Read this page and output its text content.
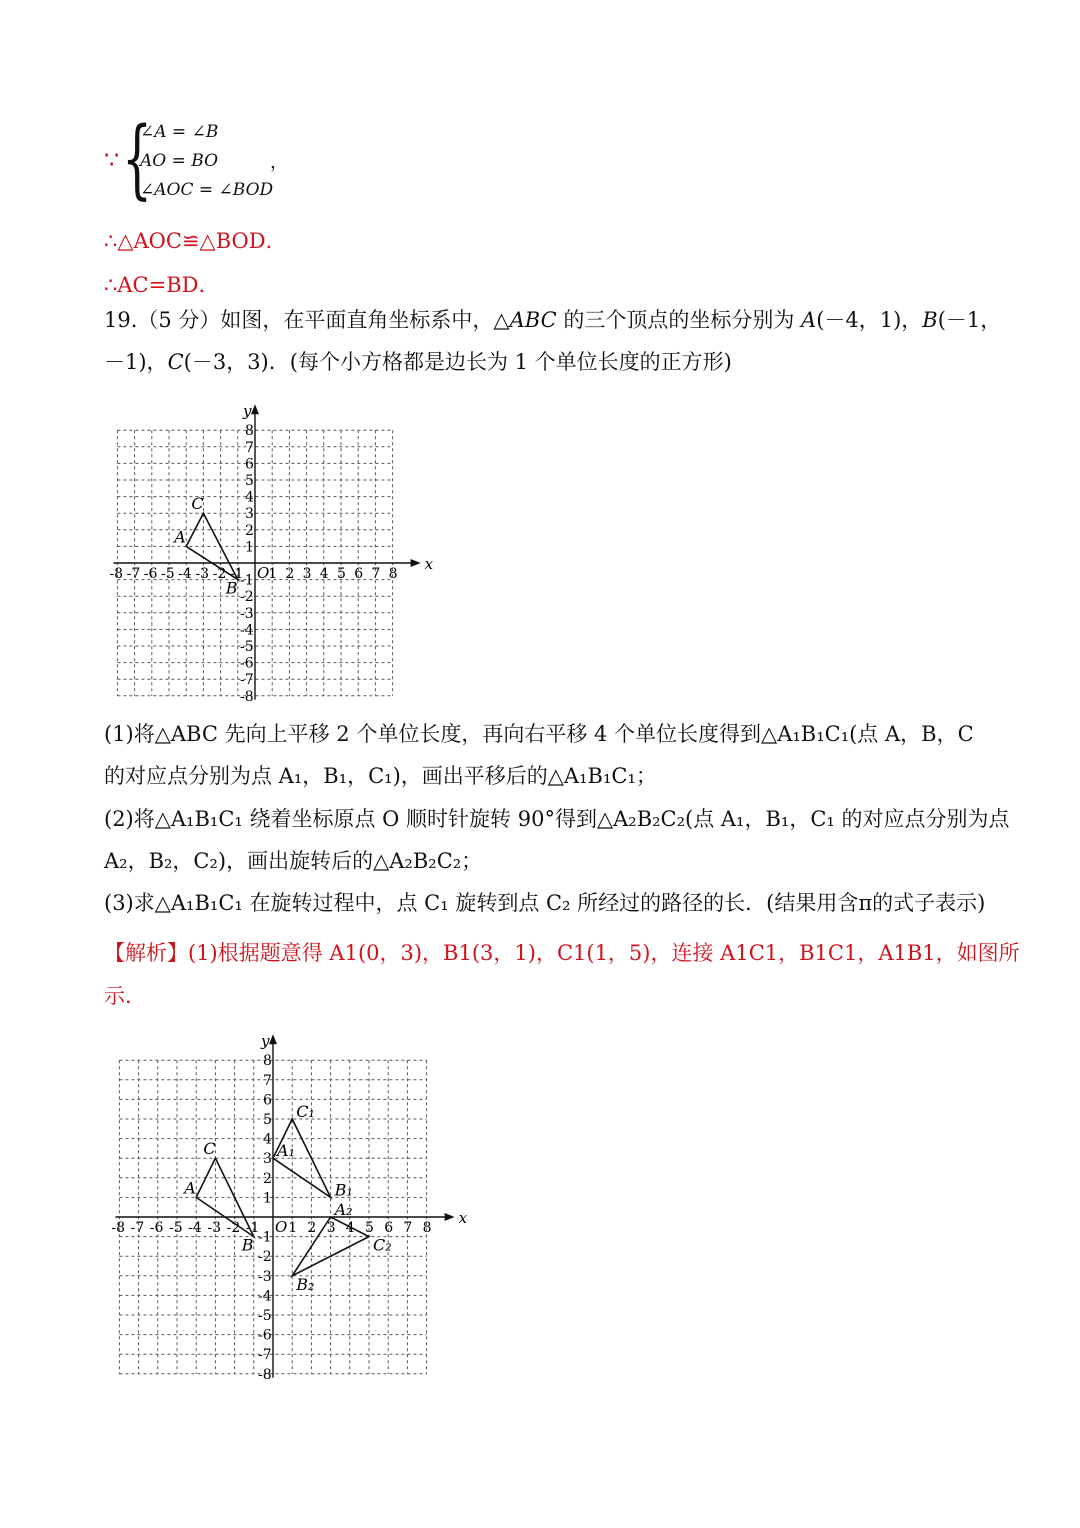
∵ {
∠A = ∠B
AO = BO
∠AOC = ∠BOD
，
∴△AOC≌△BOD．
∴AC=BD．
19.（5 分）如图，在平面直角坐标系中，△ABC 的三个顶点的坐标分别为 A(－4，1)，B(－1，
－1)，C(－3，3)．(每个小方格都是边长为 1 个单位长度的正方形)
x
y
-8 -7 -6 -5 -4 -3 -2 -1 1 2 3 4 5 6 7 8
8
7
6
5
4
3
2
1
-1
-2
-3
-4
-5
-6
-7
-8
O
A
B
C
(1)将△ABC 先向上平移 2 个单位长度，再向右平移 4 个单位长度得到△A₁B₁C₁(点 A，B，C
的对应点分别为点 A₁，B₁，C₁)，画出平移后的△A₁B₁C₁；
(2)将△A₁B₁C₁ 绕着坐标原点 O 顺时针旋转 90°得到△A₂B₂C₂(点 A₁，B₁，C₁ 的对应点分别为点
A₂，B₂，C₂)，画出旋转后的△A₂B₂C₂；
(3)求△A₁B₁C₁ 在旋转过程中，点 C₁ 旋转到点 C₂ 所经过的路径的长．(结果用含π的式子表示)
【解析】(1)根据题意得 A1(0，3)，B1(3，1)，C1(1，5)，连接 A1C1，B1C1，A1B1，如图所
示．
x
y
-8 -7 -6 -5 -4 -3 -2 -1 1 2 3 4 5 6 7 8
8
7
6
5
4
3
2
1
-1
-2
-3
-4
-5
-6
-7
-8
O
A
B
C	A₁
B₁
C₁
A₂
B₂
C₂
